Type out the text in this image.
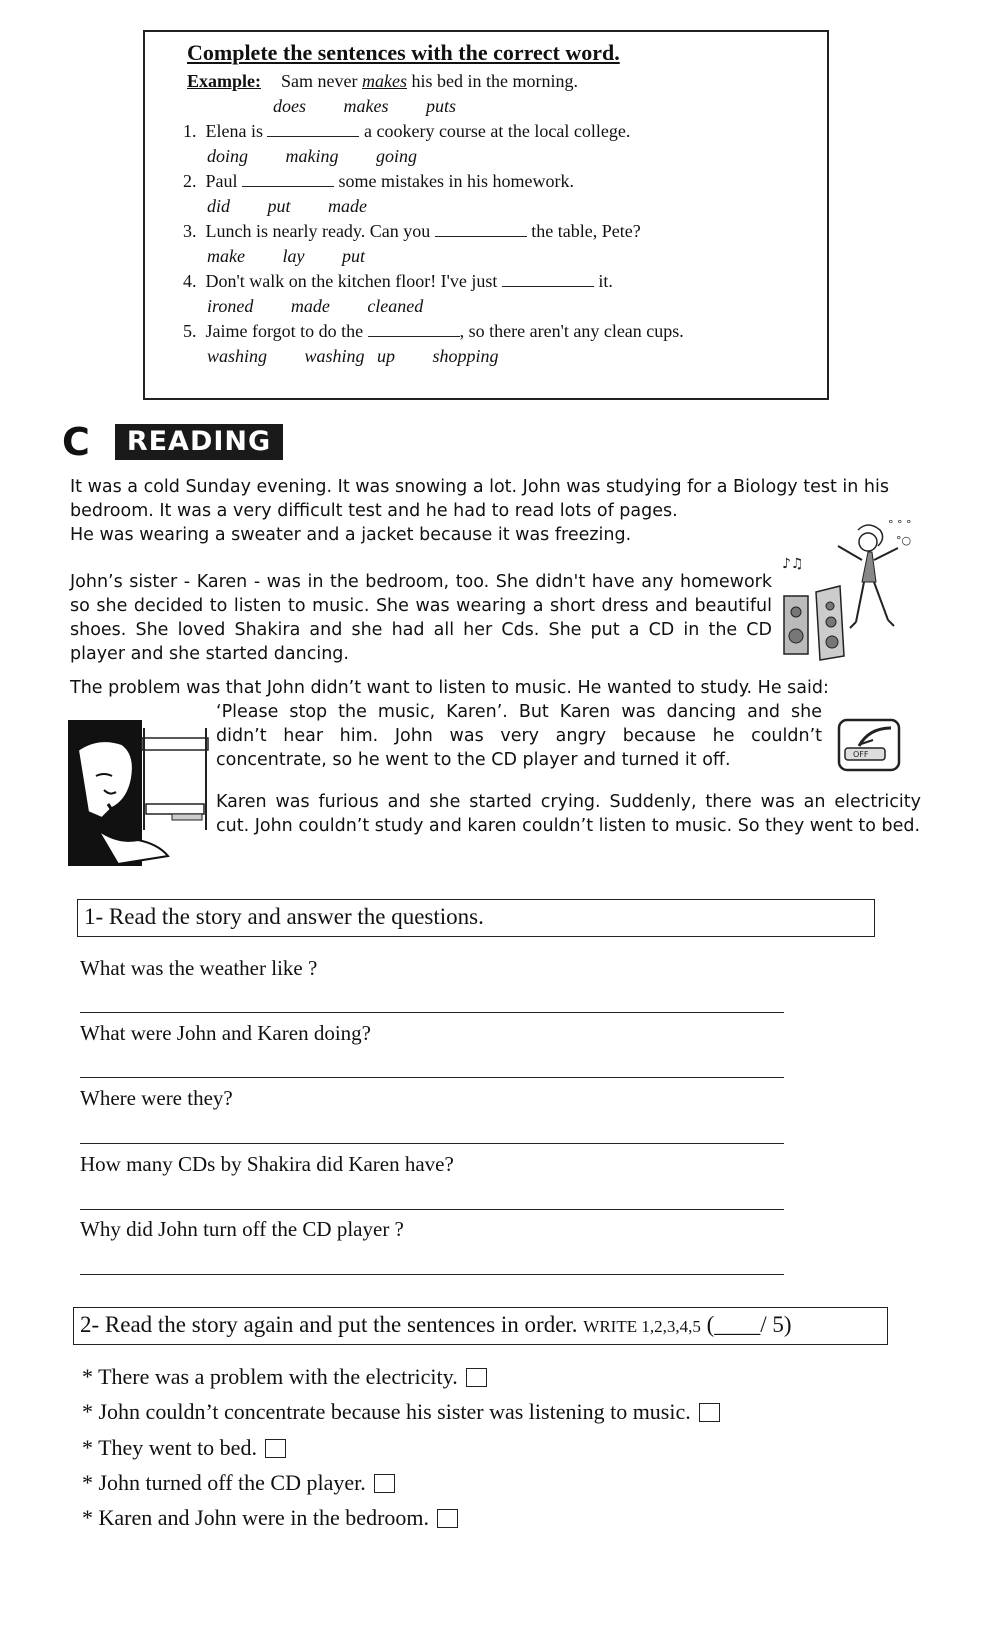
Complete the sentences with the correct word.
Example: Sam never makes his bed in the morning.
does   makes   puts
1. Elena is	a cookery course at the local college.
doing   making   going
2. Paul	some mistakes in his homework.
did   put   made
3. Lunch is nearly ready. Can you	the table, Pete?
make   lay   put
4. Don't walk on the kitchen floor! I've just	it.
ironed   made   cleaned
5. Jaime forgot to do the	, so there aren't any clean cups.
washing   washing up   shopping
C	READING
It was a cold Sunday evening. It was snowing a lot. John was studying for a Biology test in his bedroom. It was a very difficult test and he had to read lots of pages.
He was wearing a sweater and a jacket because it was freezing.
John’s sister - Karen - was in the bedroom, too. She didn't have any homework so she decided to listen to music. She was wearing a short dress and beautiful shoes. She loved Shakira and she had all her Cds. She put a CD in the CD player and she started dancing.
♪♫
° ° °
°○
The problem was that John didn’t want to listen to music. He wanted to study. He said:
‘Please stop the music, Karen’. But Karen was dancing and she didn’t hear him. John was very angry because he couldn’t concentrate, so he went to the CD player and turned it off.	OFF
Karen was furious and she started crying. Suddenly, there was an electricity cut. John couldn’t study and karen couldn’t listen to music. So they went to bed.
1- Read the story and answer the questions.
What was the weather like ?
What were John and Karen doing?
Where were they?
How many CDs by Shakira did Karen have?
Why did John turn off the CD player ?
2- Read the story again and put the sentences in order. WRITE 1,2,3,4,5 (____/ 5)
* There was a problem with the electricity.
* John couldn’t concentrate because his sister was listening to music.
* They went to bed.
* John turned off the CD player.
* Karen and John were in the bedroom.
